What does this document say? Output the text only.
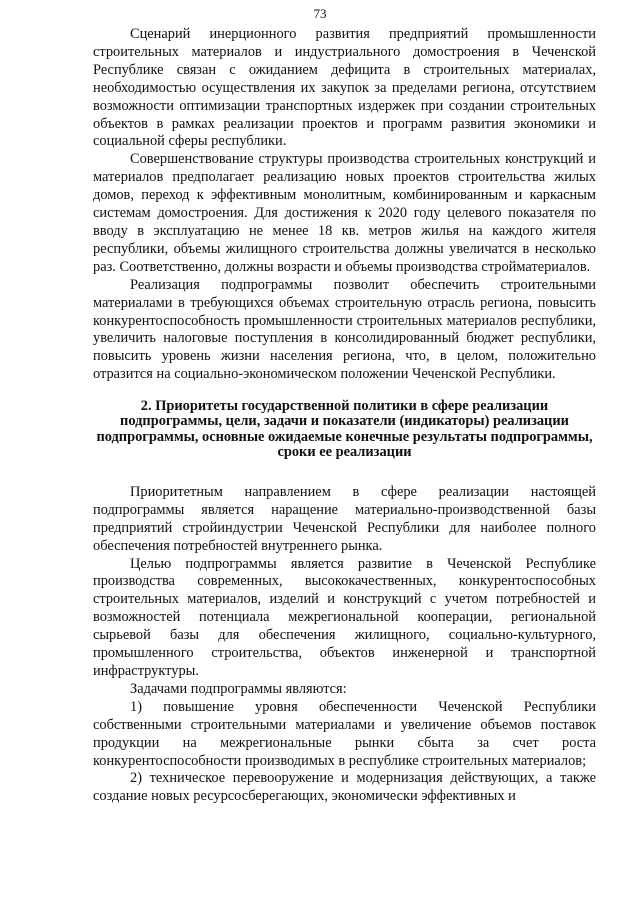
73

Сценарий инерционного развития предприятий промышленности строительных материалов и индустриального домостроения в Чеченской Республике связан с ожиданием дефицита в строительных материалах, необходимостью осуществления их закупок за пределами региона, отсутствием возможности оптимизации транспортных издержек при создании строительных объектов в рамках реализации проектов и программ развития экономики и социальной сферы республики.

Совершенствование структуры производства строительных конструкций и материалов предполагает реализацию новых проектов строительства жилых домов, переход к эффективным монолитным, комбинированным и каркасным системам домостроения. Для достижения к 2020 году целевого показателя по вводу в эксплуатацию не менее 18 кв. метров жилья на каждого жителя республики, объемы жилищного строительства должны увеличатся в несколько раз. Соответственно, должны возрасти и объемы производства стройматериалов.

Реализация подпрограммы позволит обеспечить строительными материалами в требующихся объемах строительную отрасль региона, повысить конкурентоспособность промышленности строительных материалов республики, увеличить налоговые поступления в консолидированный бюджет республики, повысить уровень жизни населения региона, что, в целом, положительно отразится на социально-экономическом положении Чеченской Республики.

2. Приоритеты государственной политики в сфере реализации подпрограммы, цели, задачи и показатели (индикаторы) реализации подпрограммы, основные ожидаемые конечные результаты подпрограммы, сроки ее реализации

Приоритетным направлением в сфере реализации настоящей подпрограммы является наращение материально-производственной базы предприятий стройиндустрии Чеченской Республики для наиболее полного обеспечения потребностей внутреннего рынка.

Целью подпрограммы является развитие в Чеченской Республике производства современных, высококачественных, конкурентоспособных строительных материалов, изделий и конструкций с учетом потребностей и возможностей потенциала межрегиональной кооперации, региональной сырьевой базы для обеспечения жилищного, социально-культурного, промышленного строительства, объектов инженерной и транспортной инфраструктуры.

Задачами подпрограммы являются:

1) повышение уровня обеспеченности Чеченской Республики собственными строительными материалами и увеличение объемов поставок продукции на межрегиональные рынки сбыта за счет роста конкурентоспособности производимых в республике строительных материалов;

2) техническое перевооружение и модернизация действующих, а также создание новых ресурсосберегающих, экономически эффективных и
